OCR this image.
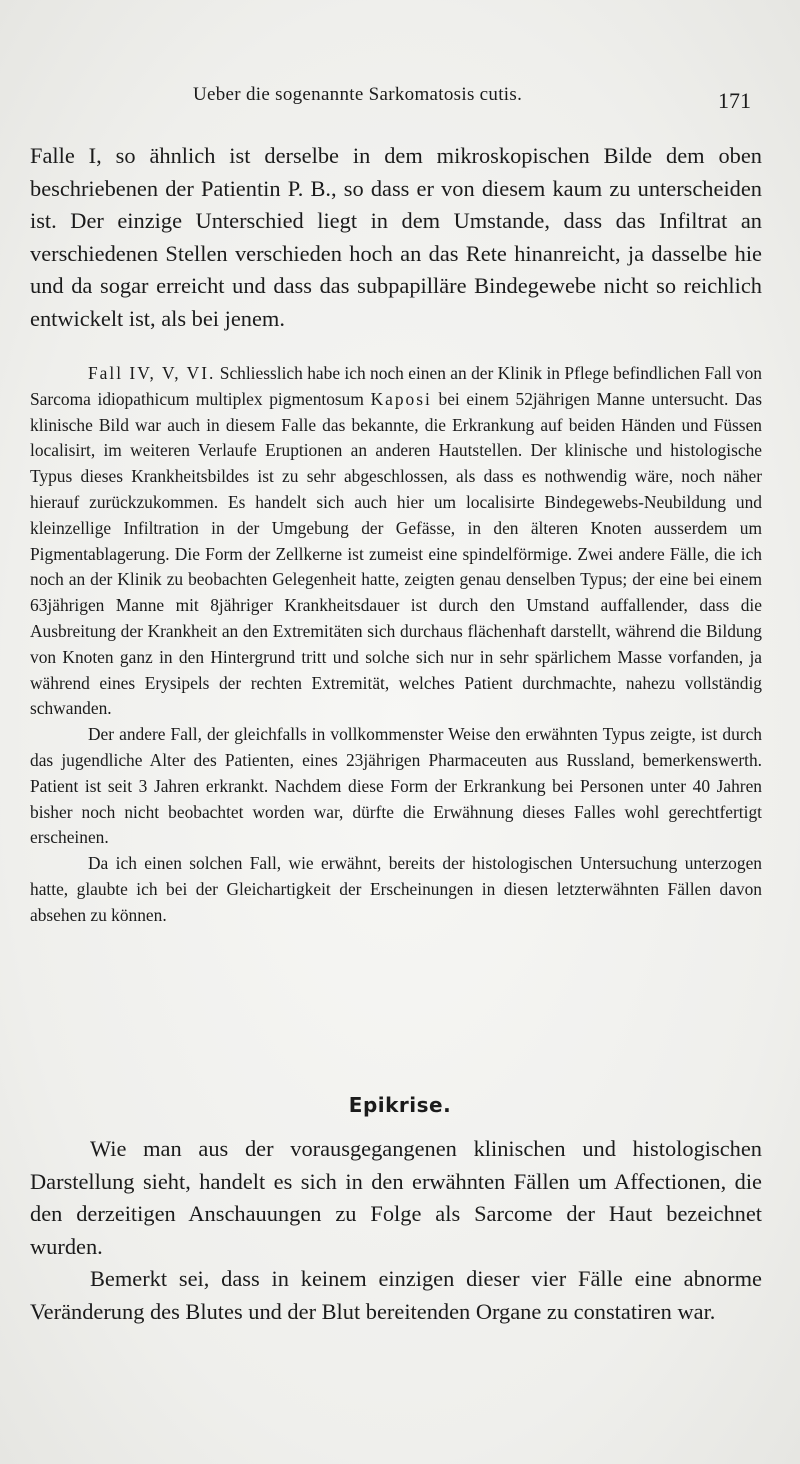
Ueber die sogenannte Sarkomatosis cutis.	171

Falle I, so ähnlich ist derselbe in dem mikroskopischen Bilde dem oben beschriebenen der Patientin P. B., so dass er von diesem kaum zu unterscheiden ist. Der einzige Unterschied liegt in dem Umstande, dass das Infiltrat an verschiedenen Stellen verschieden hoch an das Rete hinanreicht, ja dasselbe hie und da sogar erreicht und dass das subpapilläre Bindegewebe nicht so reichlich entwickelt ist, als bei jenem.

Fall IV, V, VI. Schliesslich habe ich noch einen an der Klinik in Pflege befindlichen Fall von Sarcoma idiopathicum multiplex pigmentosum Kaposi bei einem 52jährigen Manne untersucht. Das klinische Bild war auch in diesem Falle das bekannte, die Erkrankung auf beiden Händen und Füssen localisirt, im weiteren Verlaufe Eruptionen an anderen Hautstellen. Der klinische und histologische Typus dieses Krankheitsbildes ist zu sehr abgeschlossen, als dass es nothwendig wäre, noch näher hierauf zurückzukommen. Es handelt sich auch hier um localisirte Bindegewebs-Neubildung und kleinzellige Infiltration in der Umgebung der Gefässe, in den älteren Knoten ausserdem um Pigmentablagerung. Die Form der Zellkerne ist zumeist eine spindelförmige. Zwei andere Fälle, die ich noch an der Klinik zu beobachten Gelegenheit hatte, zeigten genau denselben Typus; der eine bei einem 63jährigen Manne mit 8jähriger Krankheitsdauer ist durch den Umstand auffallender, dass die Ausbreitung der Krankheit an den Extremitäten sich durchaus flächenhaft darstellt, während die Bildung von Knoten ganz in den Hintergrund tritt und solche sich nur in sehr spärlichem Masse vorfanden, ja während eines Erysipels der rechten Extremität, welches Patient durchmachte, nahezu vollständig schwanden.

Der andere Fall, der gleichfalls in vollkommenster Weise den erwähnten Typus zeigte, ist durch das jugendliche Alter des Patienten, eines 23jährigen Pharmaceuten aus Russland, bemerkenswerth. Patient ist seit 3 Jahren erkrankt. Nachdem diese Form der Erkrankung bei Personen unter 40 Jahren bisher noch nicht beobachtet worden war, dürfte die Erwähnung dieses Falles wohl gerechtfertigt erscheinen.

Da ich einen solchen Fall, wie erwähnt, bereits der histologischen Untersuchung unterzogen hatte, glaubte ich bei der Gleichartigkeit der Erscheinungen in diesen letzterwähnten Fällen davon absehen zu können.

Epikrise.

Wie man aus der vorausgegangenen klinischen und histologischen Darstellung sieht, handelt es sich in den erwähnten Fällen um Affectionen, die den derzeitigen Anschauungen zu Folge als Sarcome der Haut bezeichnet wurden.

Bemerkt sei, dass in keinem einzigen dieser vier Fälle eine abnorme Veränderung des Blutes und der Blut bereitenden Organe zu constatiren war.
